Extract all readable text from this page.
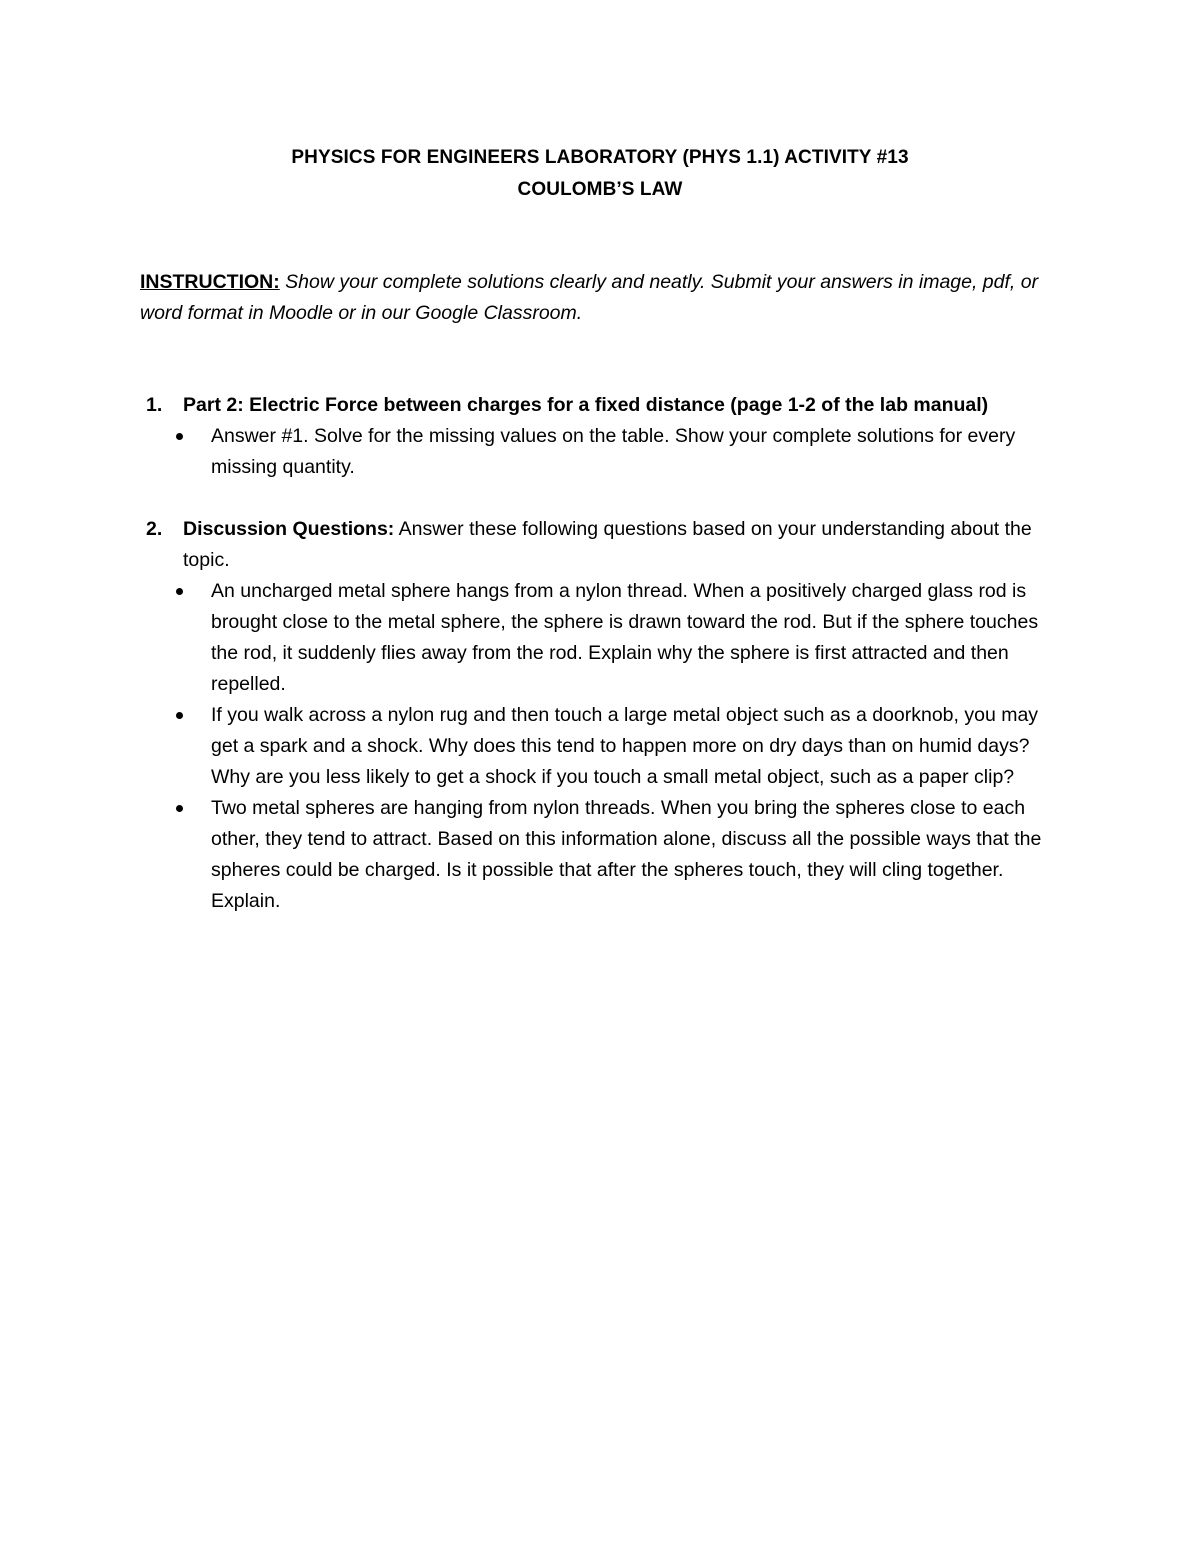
PHYSICS FOR ENGINEERS LABORATORY (PHYS 1.1) ACTIVITY #13
COULOMB’S LAW
INSTRUCTION: Show your complete solutions clearly and neatly. Submit your answers in image, pdf, or word format in Moodle or in our Google Classroom.
1. Part 2: Electric Force between charges for a fixed distance (page 1-2 of the lab manual)
Answer #1. Solve for the missing values on the table. Show your complete solutions for every missing quantity.
2. Discussion Questions: Answer these following questions based on your understanding about the topic.
An uncharged metal sphere hangs from a nylon thread. When a positively charged glass rod is brought close to the metal sphere, the sphere is drawn toward the rod. But if the sphere touches the rod, it suddenly flies away from the rod. Explain why the sphere is first attracted and then repelled.
If you walk across a nylon rug and then touch a large metal object such as a doorknob, you may get a spark and a shock. Why does this tend to happen more on dry days than on humid days? Why are you less likely to get a shock if you touch a small metal object, such as a paper clip?
Two metal spheres are hanging from nylon threads. When you bring the spheres close to each other, they tend to attract. Based on this information alone, discuss all the possible ways that the spheres could be charged. Is it possible that after the spheres touch, they will cling together. Explain.
